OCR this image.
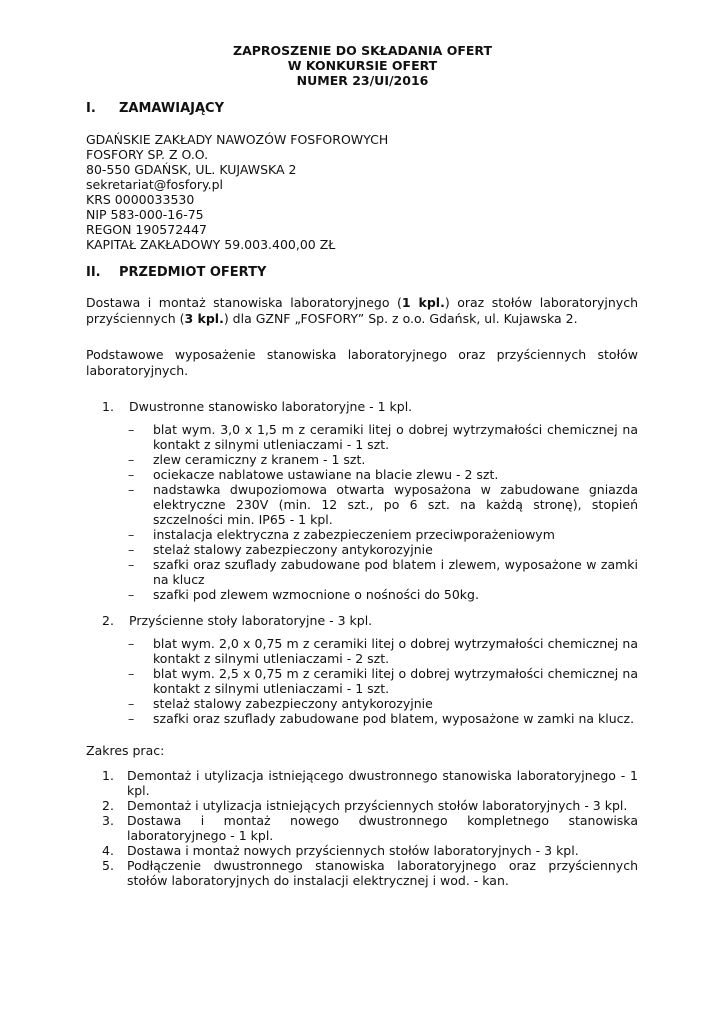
ZAPROSZENIE DO SKŁADANIA OFERT
W KONKURSIE OFERT
NUMER 23/UI/2016
I. ZAMAWIAJĄCY
GDAŃSKIE ZAKŁADY NAWOZÓW FOSFOROWYCH
FOSFORY SP. Z O.O.
80-550 GDAŃSK, UL. KUJAWSKA 2
sekretariat@fosfory.pl
KRS 0000033530
NIP 583-000-16-75
REGON 190572447
KAPITAŁ ZAKŁADOWY 59.003.400,00 ZŁ
II. PRZEDMIOT OFERTY
Dostawa i montaż stanowiska laboratoryjnego (1 kpl.) oraz stołów laboratoryjnych przyściennych (3 kpl.) dla GZNF „FOSFORY” Sp. z o.o. Gdańsk, ul. Kujawska 2.
Podstawowe wyposażenie stanowiska laboratoryjnego oraz przyściennych stołów laboratoryjnych.
1.	Dwustronne stanowisko laboratoryjne - 1 kpl.
–	blat wym. 3,0 x 1,5 m z ceramiki litej o dobrej wytrzymałości chemicznej na kontakt z silnymi utleniaczami - 1 szt.
–	zlew ceramiczny z kranem - 1 szt.
–	ociekacze nablatowe ustawiane na blacie zlewu - 2 szt.
–	nadstawka dwupoziomowa otwarta wyposażona w zabudowane gniazda elektryczne 230V (min. 12 szt., po 6 szt. na każdą stronę), stopień szczelności min. IP65 - 1 kpl.
–	instalacja elektryczna z zabezpieczeniem przeciwporażeniowym
–	stelaż stalowy zabezpieczony antykorozyjnie
–	szafki oraz szuflady zabudowane pod blatem i zlewem, wyposażone w zamki na klucz
–	szafki pod zlewem wzmocnione o nośności do 50kg.
2.	Przyścienne stoły laboratoryjne - 3 kpl.
–	blat wym. 2,0 x 0,75 m z ceramiki litej o dobrej wytrzymałości chemicznej na kontakt z silnymi utleniaczami - 2 szt.
–	blat wym. 2,5 x 0,75 m z ceramiki litej o dobrej wytrzymałości chemicznej na kontakt z silnymi utleniaczami - 1 szt.
–	stelaż stalowy zabezpieczony antykorozyjnie
–	szafki oraz szuflady zabudowane pod blatem, wyposażone w zamki na klucz.
Zakres prac:
1.	Demontaż i utylizacja istniejącego dwustronnego stanowiska laboratoryjnego - 1 kpl.
2.	Demontaż i utylizacja istniejących przyściennych stołów laboratoryjnych - 3 kpl.
3.	Dostawa i montaż nowego dwustronnego kompletnego stanowiska laboratoryjnego - 1 kpl.
4.	Dostawa i montaż nowych przyściennych stołów laboratoryjnych - 3 kpl.
5.	Podłączenie dwustronnego stanowiska laboratoryjnego oraz przyściennych stołów laboratoryjnych do instalacji elektrycznej i wod. - kan.
